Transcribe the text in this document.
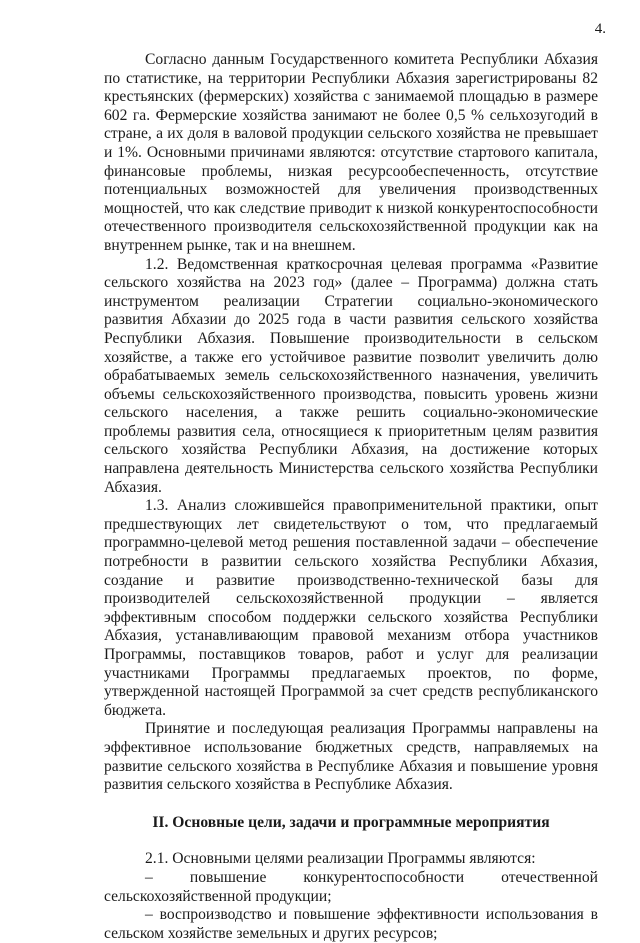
4.

Согласно данным Государственного комитета Республики Абхазия по статистике, на территории Республики Абхазия зарегистрированы 82 крестьянских (фермерских) хозяйства с занимаемой площадью в размере 602 га. Фермерские хозяйства занимают не более 0,5 % сельхозугодий в стране, а их доля в валовой продукции сельского хозяйства не превышает и 1%. Основными причинами являются: отсутствие стартового капитала, финансовые проблемы, низкая ресурсообеспеченность, отсутствие потенциальных возможностей для увеличения производственных мощностей, что как следствие приводит к низкой конкурентоспособности отечественного производителя сельскохозяйственной продукции как на внутреннем рынке, так и на внешнем.

1.2. Ведомственная краткосрочная целевая программа «Развитие сельского хозяйства на 2023 год» (далее – Программа) должна стать инструментом реализации Стратегии социально-экономического развития Абхазии до 2025 года в части развития сельского хозяйства Республики Абхазия. Повышение производительности в сельском хозяйстве, а также его устойчивое развитие позволит увеличить долю обрабатываемых земель сельскохозяйственного назначения, увеличить объемы сельскохозяйственного производства, повысить уровень жизни сельского населения, а также решить социально-экономические проблемы развития села, относящиеся к приоритетным целям развития сельского хозяйства Республики Абхазия, на достижение которых направлена деятельность Министерства сельского хозяйства Республики Абхазия.

1.3. Анализ сложившейся правоприменительной практики, опыт предшествующих лет свидетельствуют о том, что предлагаемый программно-целевой метод решения поставленной задачи – обеспечение потребности в развитии сельского хозяйства Республики Абхазия, создание и развитие производственно-технической базы для производителей сельскохозяйственной продукции – является эффективным способом поддержки сельского хозяйства Республики Абхазия, устанавливающим правовой механизм отбора участников Программы, поставщиков товаров, работ и услуг для реализации участниками Программы предлагаемых проектов, по форме, утвержденной настоящей Программой за счет средств республиканского бюджета.

Принятие и последующая реализация Программы направлены на эффективное использование бюджетных средств, направляемых на развитие сельского хозяйства в Республике Абхазия и повышение уровня развития сельского хозяйства в Республике Абхазия.

II. Основные цели, задачи и программные мероприятия

2.1. Основными целями реализации Программы являются:

– повышение конкурентоспособности отечественной сельскохозяйственной продукции;

– воспроизводство и повышение эффективности использования в сельском хозяйстве земельных и других ресурсов;
